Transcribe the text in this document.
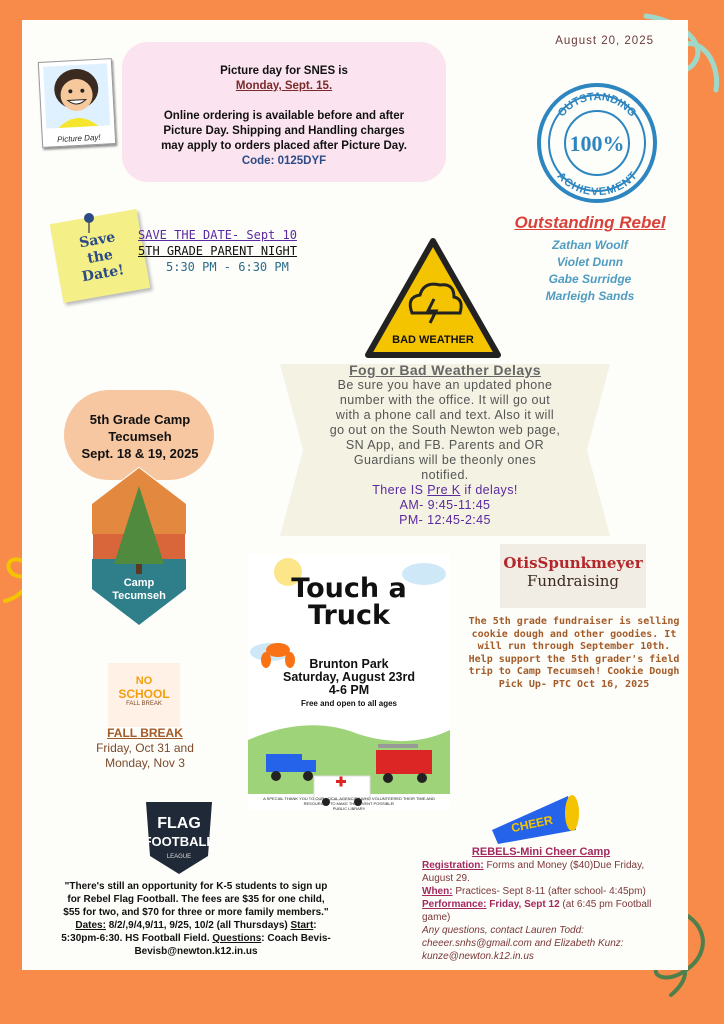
August 20, 2025
Picture Day!

Picture day for SNES is

Monday, Sept. 15.

Online ordering is available before and after

Picture Day. Shipping and Handling charges

may apply to orders placed after Picture Day.

Code: 0125DYF

OUTSTANDING
ACHIEVEMENT
100%
Save
the
Date!
SAVE THE DATE- Sept 10
5TH GRADE PARENT NIGHT
5:30 PM - 6:30 PM
Outstanding Rebel
Zathan Woolf
Violet Dunn
Gabe Surridge
Marleigh Sands
BAD WEATHER
Fog or Bad Weather Delays
Be sure you have an updated phone
number with the office. It will go out
with a phone call and text. Also it will
go out on the South Newton web page,
SN App, and FB. Parents and OR
Guardians will be theonly ones
notified.
There IS Pre K if delays!
AM- 9:45-11:45
PM- 12:45-2:45
5th Grade Camp
Tecumseh
Sept. 18 & 19, 2025
Camp
Tecumseh	Touch a
Truck
Brunton Park
Saturday, August 23rd
4-6 PM
Free and open to all ages
A SPECIAL THANK YOU TO OUR LOCAL AGENCIES WHO VOLUNTEERED THEIR TIME AND RESOURCES TO MAKE THIS EVENT POSSIBLE!
PUBLIC LIBRARY
OtisSpunkmeyer
Fundraising
The 5th grade fundraiser is selling cookie dough and other goodies. It will run through September 10th. Help support the 5th grader's field trip to Camp Tecumseh! Cookie Dough Pick Up- PTC Oct 16, 2025
NO
SCHOOL
FALL BREAK
FALL BREAK
Friday, Oct 31 and
Monday, Nov 3
FLAG
FOOTBALL
LEAGUE
"There's still an opportunity for K-5 students to sign up for Rebel Flag Football. The fees are $35 for one child, $55 for two, and $70 for three or more family members." Dates: 8/2/,9/4,9/11, 9/25, 10/2 (all Thursdays) Start: 5:30pm-6:30. HS Football Field. Questions: Coach Bevis- Bevisb@newton.k12.in.us
CHEER
REBELS-Mini Cheer Camp
Registration: Forms and Money ($40)Due Friday, August 29.
When: Practices- Sept 8-11 (after school- 4:45pm)
Performance: Friday, Sept 12 (at 6:45 pm Football game)
Any questions, contact Lauren Todd: cheeer.snhs@gmail.com and Elizabeth Kunz: kunze@newton.k12.in.us
